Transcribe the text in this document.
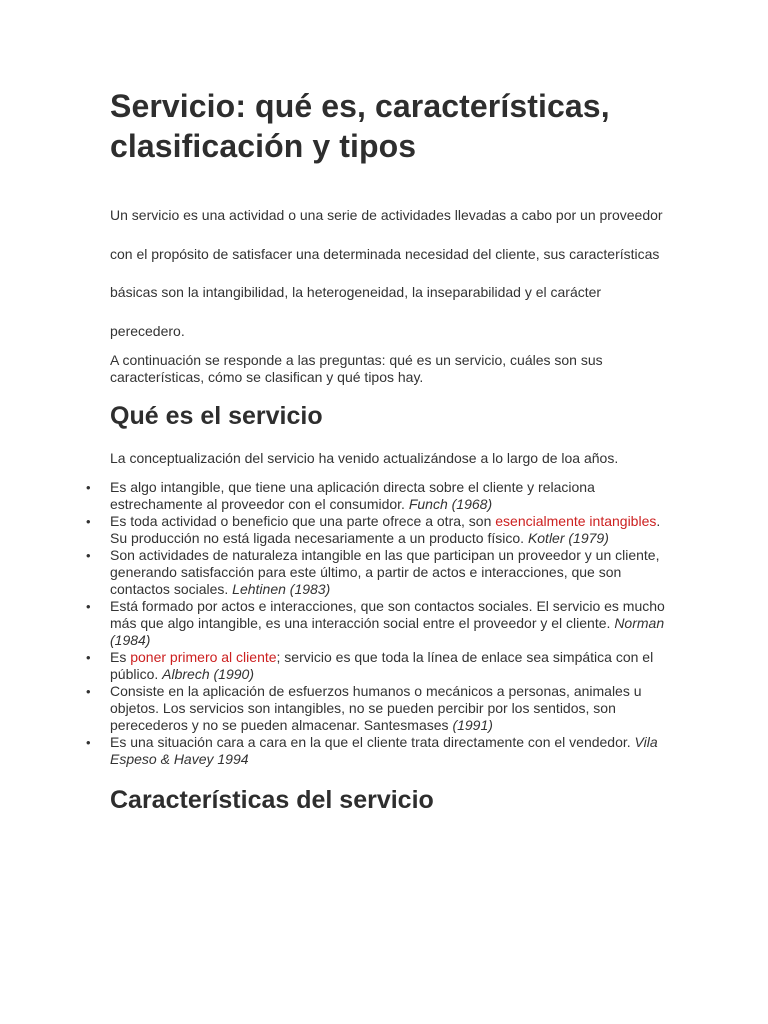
Servicio: qué es, características, clasificación y tipos

Un servicio es una actividad o una serie de actividades llevadas a cabo por un proveedor con el propósito de satisfacer una determinada necesidad del cliente, sus características básicas son la intangibilidad, la heterogeneidad, la inseparabilidad y el carácter perecedero.

A continuación se responde a las preguntas: qué es un servicio, cuáles son sus características, cómo se clasifican y qué tipos hay.

Qué es el servicio

La conceptualización del servicio ha venido actualizándose a lo largo de loa años.

• Es algo intangible, que tiene una aplicación directa sobre el cliente y relaciona estrechamente al proveedor con el consumidor. Funch (1968)
• Es toda actividad o beneficio que una parte ofrece a otra, son esencialmente intangibles. Su producción no está ligada necesariamente a un producto físico. Kotler (1979)
• Son actividades de naturaleza intangible en las que participan un proveedor y un cliente, generando satisfacción para este último, a partir de actos e interacciones, que son contactos sociales. Lehtinen (1983)
• Está formado por actos e interacciones, que son contactos sociales. El servicio es mucho más que algo intangible, es una interacción social entre el proveedor y el cliente. Norman (1984)
• Es poner primero al cliente; servicio es que toda la línea de enlace sea simpática con el público. Albrech (1990)
• Consiste en la aplicación de esfuerzos humanos o mecánicos a personas, animales u objetos. Los servicios son intangibles, no se pueden percibir por los sentidos, son perecederos y no se pueden almacenar. Santesmases (1991)
• Es una situación cara a cara en la que el cliente trata directamente con el vendedor. Vila Espeso & Havey 1994
Características del servicio
